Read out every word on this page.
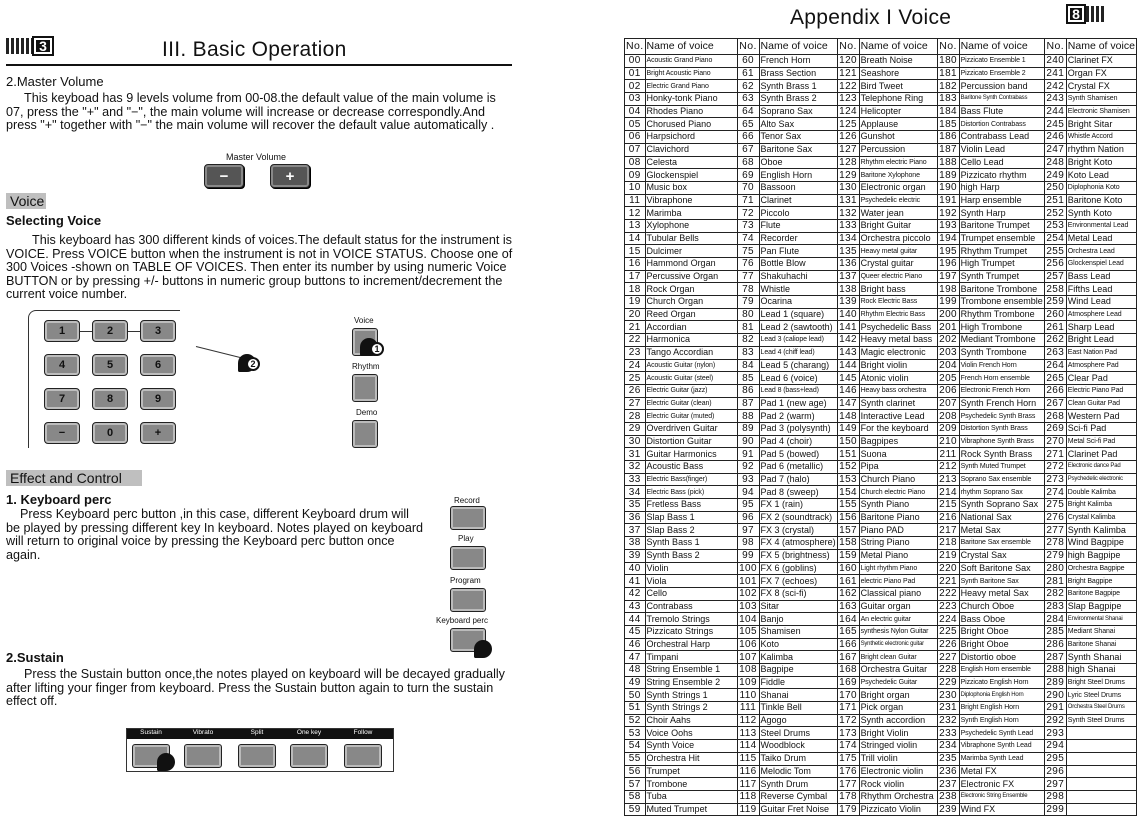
3	III. Basic Operation
2.Master Volume
This keyboad has 9 levels volume from 00-08.the default value of the main volume is 07, press the "+" and "−", the main volume will increase or decrease correspondly.And press "+" together with "−" the main volume will recover the default value automatically .
Master Volume
−	+
Voice
Selecting Voice
This keyboard has 300 different kinds of voices.The default status for the instrument is VOICE. Press VOICE button when the instrument is not in VOICE STATUS. Choose one of 300 Voices -shown on TABLE OF VOICES. Then enter its number by using numeric Voice BUTTON or by pressing +/- buttons in numeric group buttons to increment/decrement the current voice number.
1	2	3
4	5	6
7	8	9
−	0	+
2
Voice
1
Rhythm
Demo
Effect and Control
1. Keyboard perc
Press Keyboard perc button ,in this case, different Keyboard drum will be played by pressing different key In keyboard. Notes played on keyboard will return to original voice by pressing the Keyboard perc button once again.
Record
Play
Program
Keyboard perc
2.Sustain
Press the Sustain button once,the notes played on keyboard will be decayed gradually after lifting your finger from keyboard. Press the Sustain button again to turn the sustain effect off.
Sustain	Vibrato	Split	One key	Follow
Appendix I Voice	8
No.	Name of voice	No.	Name of voice	No.	Name of voice	No.	Name of voice	No.	Name of voice
00	Acoustic Grand Piano	60	French Horn	120	Breath Noise	180	Pizzicato Ensemble 1	240	Clarinet FX
01	Bright Acoustic Piano	61	Brass Section	121	Seashore	181	Pizzicato Ensemble 2	241	Organ FX
02	Electric Grand Piano	62	Synth Brass 1	122	Bird Tweet	182	Percussion band	242	Crystal FX
03	Honky-tonk Piano	63	Synth Brass 2	123	Telephone Ring	183	Baritone Synth Contrabass	243	Synth Shamisen
04	Rhodes Piano	64	Soprano Sax	124	Helicopter	184	Bass Flute	244	Electronic Shamisen
05	Chorused Piano	65	Alto Sax	125	Applause	185	Distortion Contrabass	245	Bright Sitar
06	Harpsichord	66	Tenor Sax	126	Gunshot	186	Contrabass Lead	246	Whistle Accord
07	Clavichord	67	Baritone Sax	127	Percussion	187	Violin Lead	247	rhythm Nation
08	Celesta	68	Oboe	128	Rhythm electric Piano	188	Cello Lead	248	Bright Koto
09	Glockenspiel	69	English Horn	129	Baritone Xylophone	189	Pizzicato rhythm	249	Koto Lead
10	Music box	70	Bassoon	130	Electronic organ	190	high Harp	250	Diplophonia Koto
11	Vibraphone	71	Clarinet	131	Psychedelic electric	191	Harp ensemble	251	Baritone Koto
12	Marimba	72	Piccolo	132	Water jean	192	Synth Harp	252	Synth Koto
13	Xylophone	73	Flute	133	Bright Guitar	193	Baritone Trumpet	253	Environmental Lead
14	Tubular Bells	74	Recorder	134	Orchestra piccolo	194	Trumpet ensemble	254	Metal Lead
15	Dulcimer	75	Pan Flute	135	Heavy metal guitar	195	Rhythm Trumpet	255	Orchestra Lead
16	Hammond Organ	76	Bottle Blow	136	Crystal guitar	196	High Trumpet	256	Glockenspiel Lead
17	Percussive Organ	77	Shakuhachi	137	Queer electric Piano	197	Synth Trumpet	257	Bass Lead
18	Rock Organ	78	Whistle	138	Bright bass	198	Baritone Trombone	258	Fifths Lead
19	Church Organ	79	Ocarina	139	Rock Electric Bass	199	Trombone ensemble	259	Wind Lead
20	Reed Organ	80	Lead 1 (square)	140	Rhythm Electric Bass	200	Rhythm Trombone	260	Atmosphere Lead
21	Accordian	81	Lead 2 (sawtooth)	141	Psychedelic Bass	201	High Trombone	261	Sharp Lead
22	Harmonica	82	Lead 3 (caliope lead)	142	Heavy metal bass	202	Mediant Trombone	262	Bright Lead
23	Tango Accordian	83	Lead 4 (chiff lead)	143	Magic electronic	203	Synth Trombone	263	East Nation Pad
24	Acoustic Guitar (nylon)	84	Lead 5 (charang)	144	Bright violin	204	Violin French Horn	264	Atmosphere Pad
25	Acoustic Guitar (steel)	85	Lead 6 (voice)	145	Atonic violin	205	French Horn ensemble	265	Clear Pad
26	Electric Guitar (jazz)	86	Lead 8 (bass+lead)	146	Heavy bass orchestra	206	Electronic French Horn	266	Electric Piano Pad
27	Electric Guitar (clean)	87	Pad 1 (new age)	147	Synth clarinet	207	Synth French Horn	267	Clean Guitar Pad
28	Electric Guitar (muted)	88	Pad 2 (warm)	148	Interactive Lead	208	Psychedelic Synth Brass	268	Western Pad
29	Overdriven Guitar	89	Pad 3 (polysynth)	149	For the keyboard	209	Distortion Synth Brass	269	Sci-fi Pad
30	Distortion Guitar	90	Pad 4 (choir)	150	Bagpipes	210	Vibraphone Synth Brass	270	Metal Sci-fi Pad
31	Guitar Harmonics	91	Pad 5 (bowed)	151	Suona	211	Rock Synth Brass	271	Clarinet Pad
32	Acoustic Bass	92	Pad 6 (metallic)	152	Pipa	212	Synth Muted Trumpet	272	Electronic dance Pad
33	Electric Bass(finger)	93	Pad 7 (halo)	153	Church Piano	213	Soprano Sax ensemble	273	Psychedelic electronic
34	Electric Bass (pick)	94	Pad 8 (sweep)	154	Church electric Piano	214	rhythm Soprano Sax	274	Double Kalimba
35	Fretless Bass	95	FX 1 (rain)	155	Synth Piano	215	Synth Soprano Sax	275	Bright Kalimba
36	Slap Bass 1	96	FX 2 (soundtrack)	156	Baritone Piano	216	National Sax	276	Crystal Kalimba
37	Slap Bass 2	97	FX 3 (crystal)	157	Piano PAD	217	Metal Sax	277	Synth Kalimba
38	Synth Bass 1	98	FX 4 (atmosphere)	158	String Piano	218	Baritone Sax ensemble	278	Wind Bagpipe
39	Synth Bass 2	99	FX 5 (brightness)	159	Metal Piano	219	Crystal Sax	279	high Bagpipe
40	Violin	100	FX 6 (goblins)	160	Light rhythm Piano	220	Soft Baritone Sax	280	Orchestra Bagpipe
41	Viola	101	FX 7 (echoes)	161	electric Piano Pad	221	Synth Baritone Sax	281	Bright Bagpipe
42	Cello	102	FX 8 (sci-fi)	162	Classical piano	222	Heavy metal Sax	282	Baritone Bagpipe
43	Contrabass	103	Sitar	163	Guitar organ	223	Church Oboe	283	Slap Bagpipe
44	Tremolo Strings	104	Banjo	164	An electric guitar	224	Bass Oboe	284	Environmental Shanai
45	Pizzicato Strings	105	Shamisen	165	synthesis Nylon Guitar	225	Bright Oboe	285	Mediant Shanai
46	Orchestral Harp	106	Koto	166	Synthetic electronic guitar	226	Bright Oboe	286	Baritone Shanai
47	Timpani	107	Kalimba	167	Bright clean Guitar	227	Distortio oboe	287	Synth Shanai
48	String Ensemble 1	108	Bagpipe	168	Orchestra Guitar	228	English Horn ensemble	288	high Shanai
49	String Ensemble 2	109	Fiddle	169	Psychedelic Guitar	229	Pizzicato English Horn	289	Bright Steel Drums
50	Synth Strings 1	110	Shanai	170	Bright organ	230	Diplophonia English Horn	290	Lyric Steel Drums
51	Synth Strings 2	111	Tinkle Bell	171	Pick organ	231	Bright English Horn	291	Orchestra Steel Drums
52	Choir Aahs	112	Agogo	172	Synth accordion	232	Synth English Horn	292	Synth Steel Drums
53	Voice Oohs	113	Steel Drums	173	Bright Violin	233	Psychedelic Synth Lead	293	
54	Synth Voice	114	Woodblock	174	Stringed violin	234	Vibraphone Synth Lead	294	
55	Orchestra Hit	115	Taiko Drum	175	Trill violin	235	Marimba Synth Lead	295	
56	Trumpet	116	Melodic Tom	176	Electronic violin	236	Metal FX	296	
57	Trombone	117	Synth Drum	177	Rock violin	237	Electronic FX	297	
58	Tuba	118	Reverse Cymbal	178	Rhythm Orchestra	238	Electronic String Ensemble	298	
59	Muted Trumpet	119	Guitar Fret Noise	179	Pizzicato Violin	239	Wind FX	299	
